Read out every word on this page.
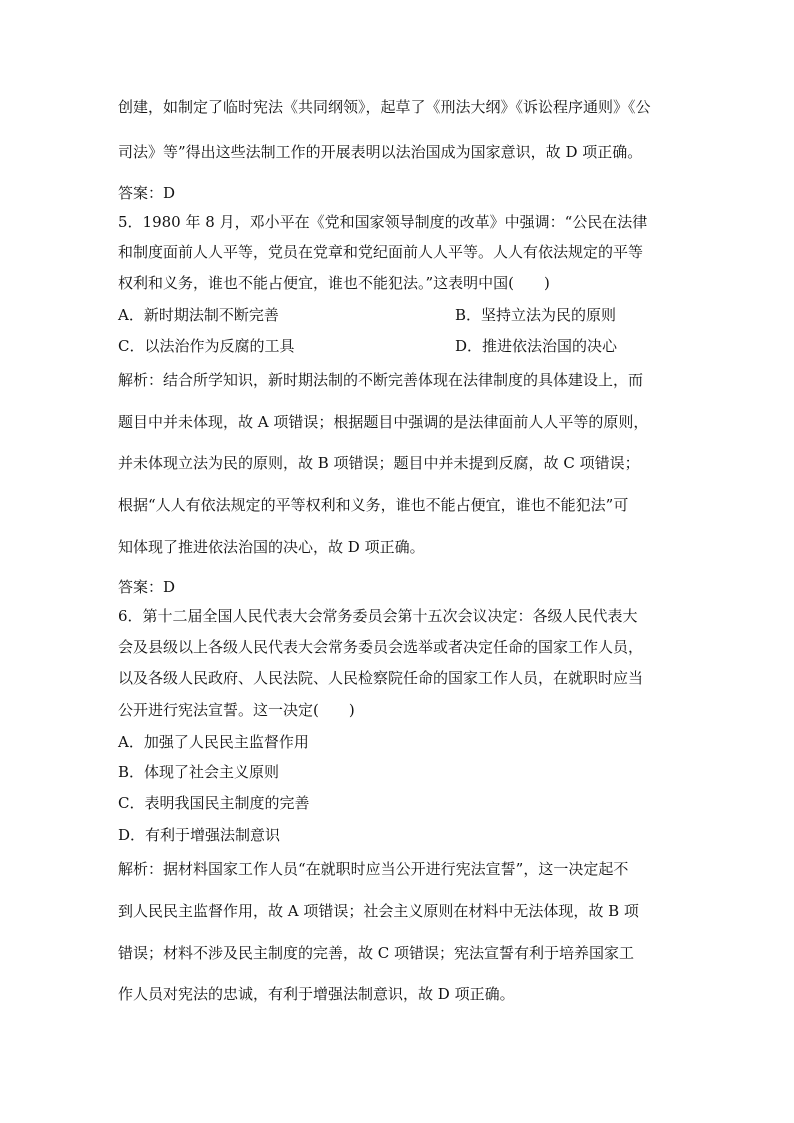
创建，如制定了临时宪法《共同纲领》，起草了《刑法大纲》《诉讼程序通则》《公
司法》等”得出这些法制工作的开展表明以法治国成为国家意识，故 D 项正确。
答案：D
5．1980 年 8 月，邓小平在《党和国家领导制度的改革》中强调：“公民在法律
和制度面前人人平等，党员在党章和党纪面前人人平等。人人有依法规定的平等
权利和义务，谁也不能占便宜，谁也不能犯法。”这表明中国(　　)
A．新时期法制不断完善	B．坚持立法为民的原则
C．以法治作为反腐的工具	D．推进依法治国的决心
解析：结合所学知识，新时期法制的不断完善体现在法律制度的具体建设上，而
题目中并未体现，故 A 项错误；根据题目中强调的是法律面前人人平等的原则，
并未体现立法为民的原则，故 B 项错误；题目中并未提到反腐，故 C 项错误；
根据“人人有依法规定的平等权利和义务，谁也不能占便宜，谁也不能犯法”可
知体现了推进依法治国的决心，故 D 项正确。
答案：D
6．第十二届全国人民代表大会常务委员会第十五次会议决定：各级人民代表大
会及县级以上各级人民代表大会常务委员会选举或者决定任命的国家工作人员，
以及各级人民政府、人民法院、人民检察院任命的国家工作人员，在就职时应当
公开进行宪法宣誓。这一决定(　　)
A．加强了人民民主监督作用
B．体现了社会主义原则
C．表明我国民主制度的完善
D．有利于增强法制意识
解析：据材料国家工作人员“在就职时应当公开进行宪法宣誓”，这一决定起不
到人民民主监督作用，故 A 项错误；社会主义原则在材料中无法体现，故 B 项
错误；材料不涉及民主制度的完善，故 C 项错误；宪法宣誓有利于培养国家工
作人员对宪法的忠诚，有利于增强法制意识，故 D 项正确。
